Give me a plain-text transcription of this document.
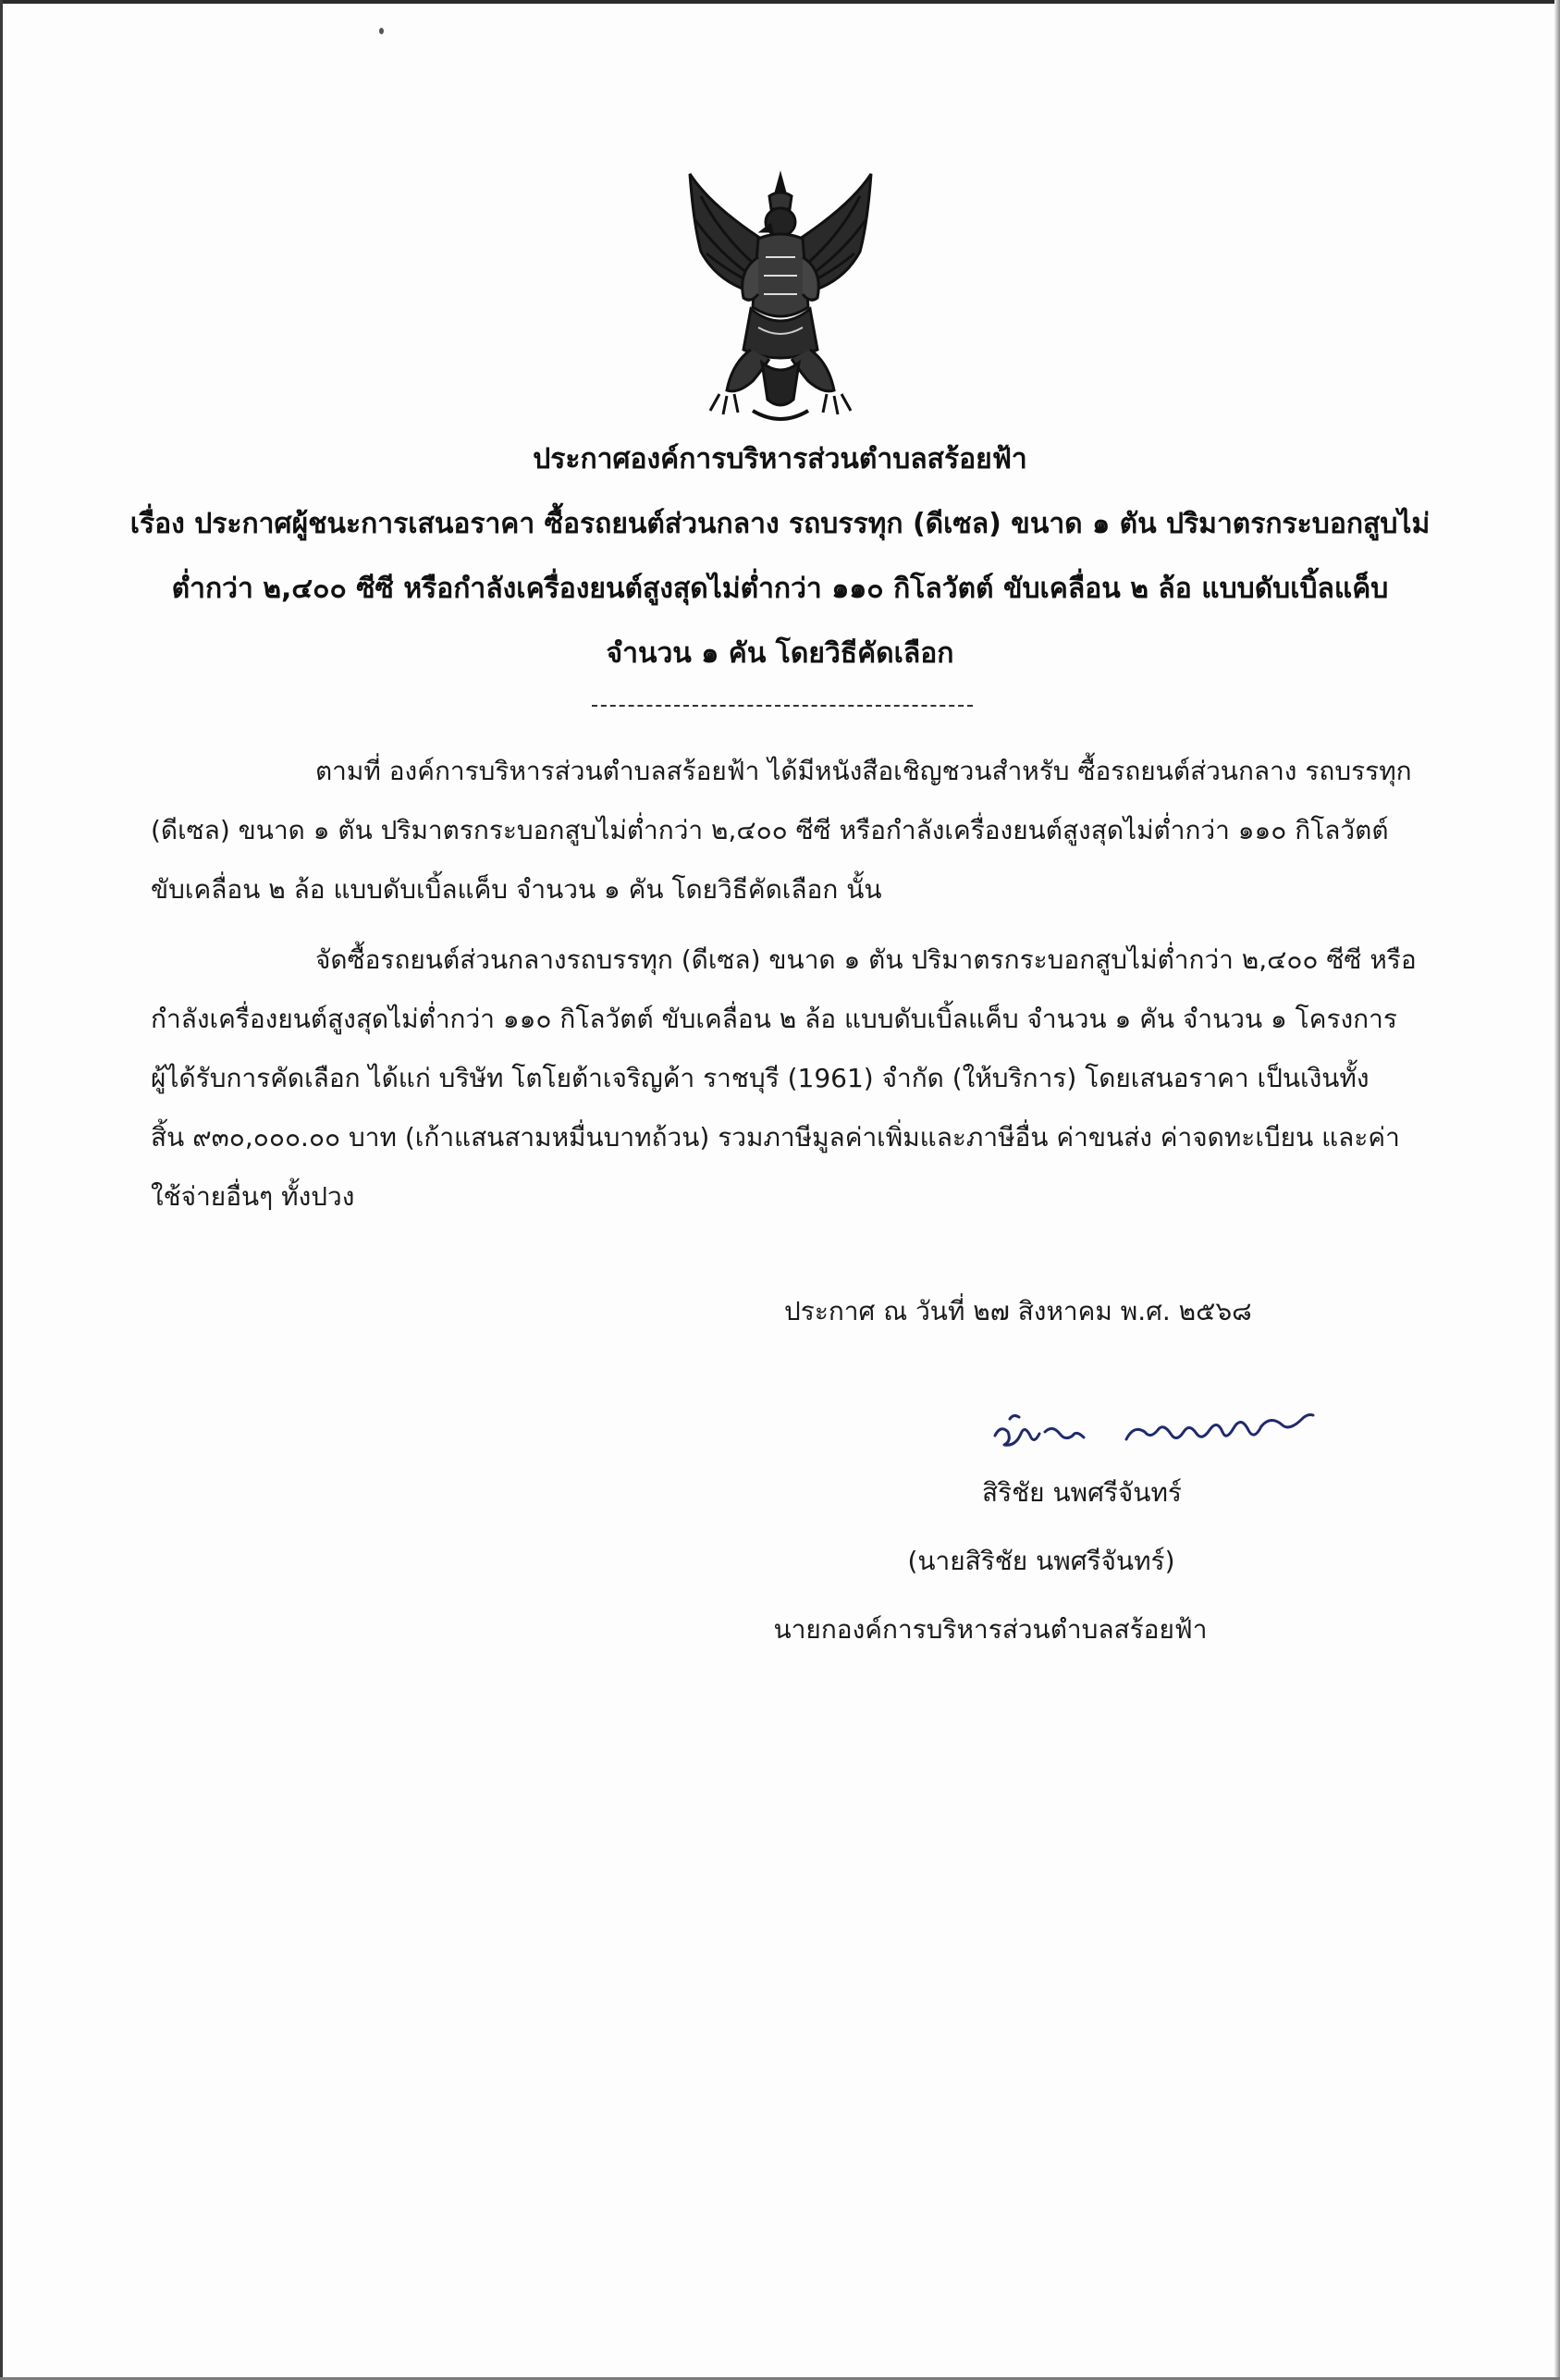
ประกาศองค์การบริหารส่วนตำบลสร้อยฟ้า
เรื่อง ประกาศผู้ชนะการเสนอราคา ซื้อรถยนต์ส่วนกลาง รถบรรทุก (ดีเซล) ขนาด ๑ ตัน ปริมาตรกระบอกสูบไม่
ต่ำกว่า ๒,๔๐๐ ซีซี หรือกำลังเครื่องยนต์สูงสุดไม่ต่ำกว่า ๑๑๐ กิโลวัตต์ ขับเคลื่อน ๒ ล้อ แบบดับเบิ้ลแค็บ
จำนวน ๑ คัน โดยวิธีคัดเลือก
ตามที่ องค์การบริหารส่วนตำบลสร้อยฟ้า ได้มีหนังสือเชิญชวนสำหรับ ซื้อรถยนต์ส่วนกลาง รถบรรทุก
(ดีเซล) ขนาด ๑ ตัน ปริมาตรกระบอกสูบไม่ต่ำกว่า ๒,๔๐๐ ซีซี หรือกำลังเครื่องยนต์สูงสุดไม่ต่ำกว่า ๑๑๐ กิโลวัตต์
ขับเคลื่อน ๒ ล้อ แบบดับเบิ้ลแค็บ จำนวน ๑ คัน โดยวิธีคัดเลือก นั้น
จัดซื้อรถยนต์ส่วนกลางรถบรรทุก (ดีเซล) ขนาด ๑ ตัน ปริมาตรกระบอกสูบไม่ต่ำกว่า ๒,๔๐๐ ซีซี หรือ
กำลังเครื่องยนต์สูงสุดไม่ต่ำกว่า ๑๑๐ กิโลวัตต์ ขับเคลื่อน ๒ ล้อ แบบดับเบิ้ลแค็บ จำนวน ๑ คัน จำนวน ๑ โครงการ
ผู้ได้รับการคัดเลือก ได้แก่ บริษัท โตโยต้าเจริญค้า ราชบุรี (1961) จำกัด (ให้บริการ) โดยเสนอราคา เป็นเงินทั้ง
สิ้น ๙๓๐,๐๐๐.๐๐ บาท (เก้าแสนสามหมื่นบาทถ้วน) รวมภาษีมูลค่าเพิ่มและภาษีอื่น ค่าขนส่ง ค่าจดทะเบียน และค่า
ใช้จ่ายอื่นๆ ทั้งปวง
ประกาศ ณ วันที่ ๒๗ สิงหาคม พ.ศ. ๒๕๖๘
สิริชัย นพศรีจันทร์
(นายสิริชัย นพศรีจันทร์)
นายกองค์การบริหารส่วนตำบลสร้อยฟ้า
